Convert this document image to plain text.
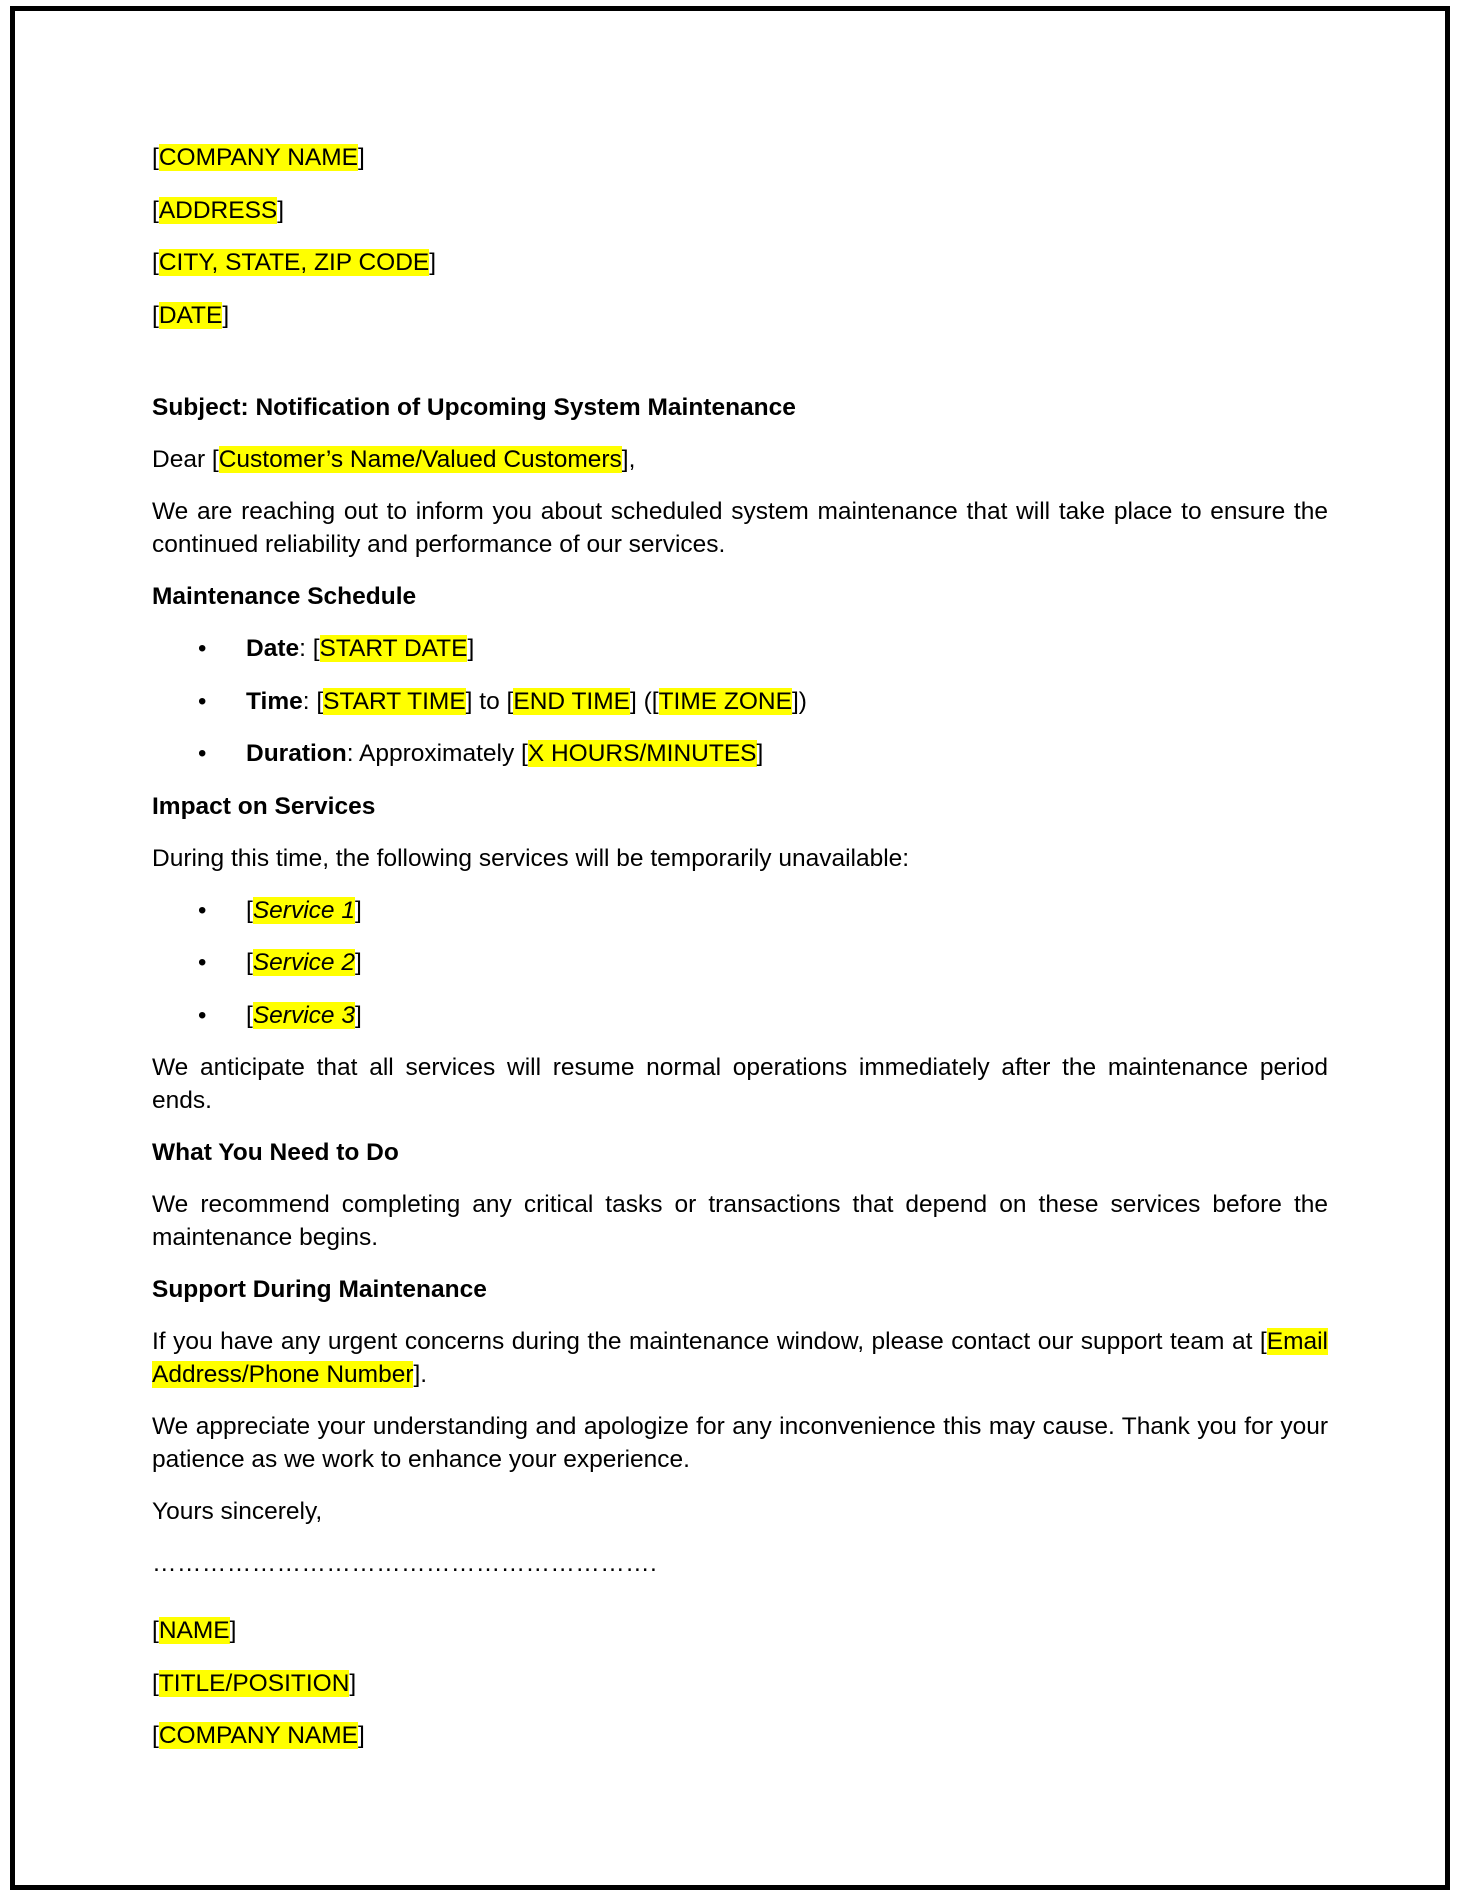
[COMPANY NAME]
[ADDRESS]
[CITY, STATE, ZIP CODE]
[DATE]

Subject: Notification of Upcoming System Maintenance

Dear [Customer’s Name/Valued Customers],

We are reaching out to inform you about scheduled system maintenance that will take place to ensure the continued reliability and performance of our services.

Maintenance Schedule

• Date: [START DATE]
• Time: [START TIME] to [END TIME] ([TIME ZONE])
• Duration: Approximately [X HOURS/MINUTES]

Impact on Services

During this time, the following services will be temporarily unavailable:

• [Service 1]
• [Service 2]
• [Service 3]

We anticipate that all services will resume normal operations immediately after the maintenance period ends.

What You Need to Do

We recommend completing any critical tasks or transactions that depend on these services before the maintenance begins.

Support During Maintenance

If you have any urgent concerns during the maintenance window, please contact our support team at [Email Address/Phone Number].

We appreciate your understanding and apologize for any inconvenience this may cause. Thank you for your patience as we work to enhance your experience.

Yours sincerely,

…………………………………………………….

[NAME]
[TITLE/POSITION]
[COMPANY NAME]
